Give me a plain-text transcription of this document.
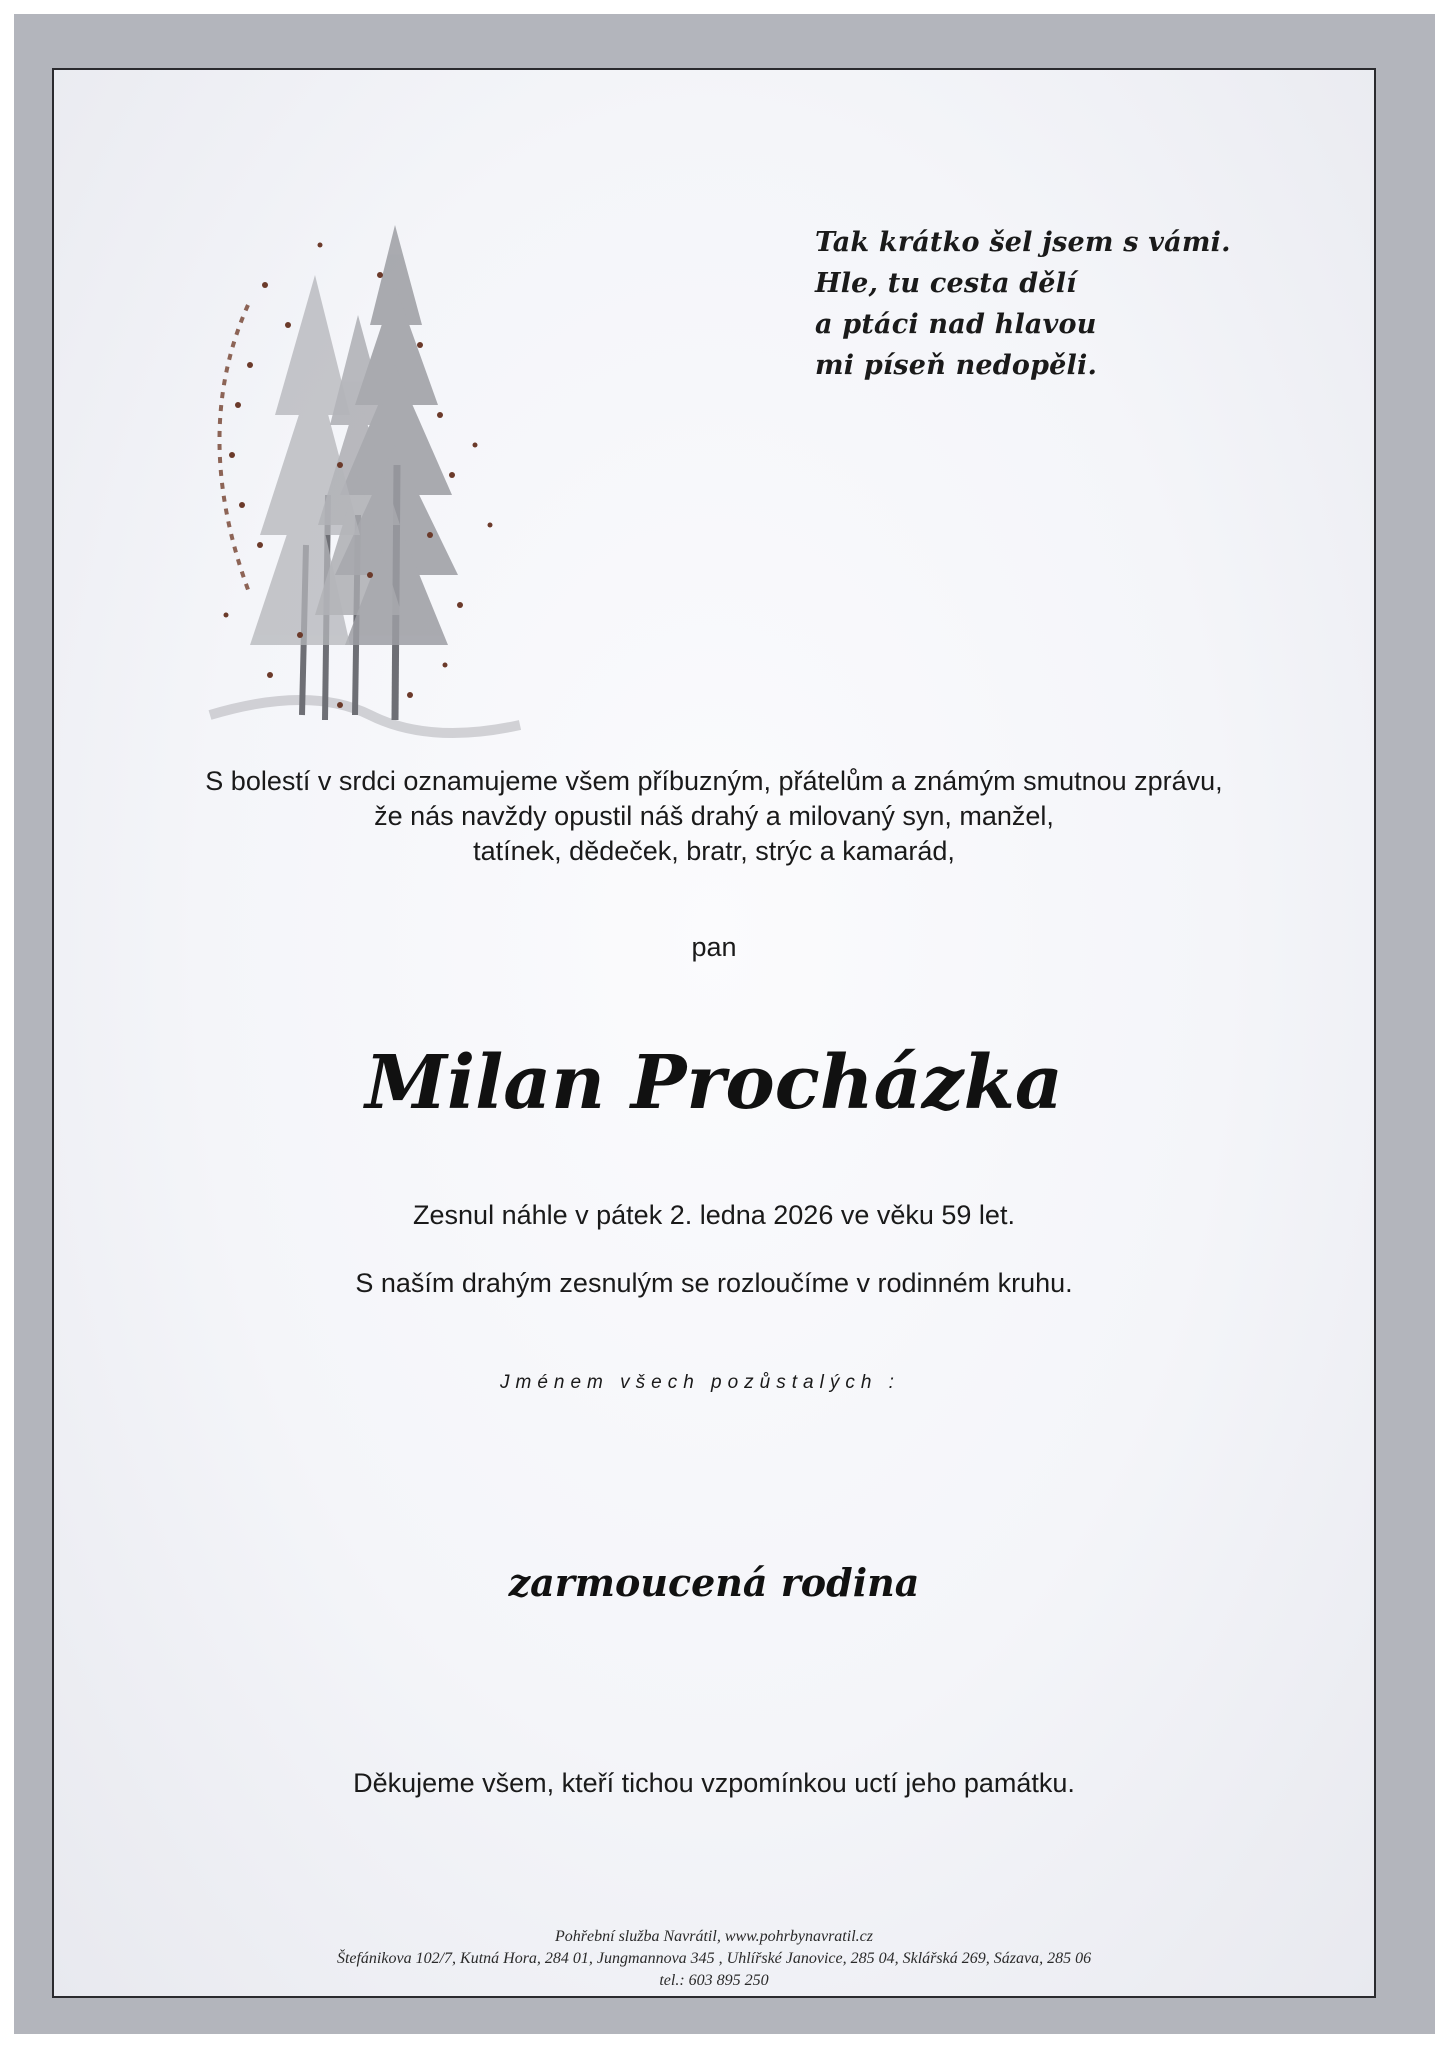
Tak krátko šel jsem s vámi.
Hle, tu cesta dělí
a ptáci nad hlavou
mi píseň nedopěli.
S bolestí v srdci oznamujeme všem příbuzným, přátelům a známým smutnou zprávu,
že nás navždy opustil náš drahý a milovaný syn, manžel,
tatínek, dědeček, bratr, strýc a kamarád,
pan
Milan Procházka
Zesnul náhle v pátek 2. ledna 2026 ve věku 59 let.
S naším drahým zesnulým se rozloučíme v rodinném kruhu.
Jménem všech pozůstalých :
zarmoucená rodina
Děkujeme všem, kteří tichou vzpomínkou uctí jeho památku.
Pohřební služba Navrátil, www.pohrbynavratil.cz
Štefánikova 102/7, Kutná Hora, 284 01, Jungmannova 345 , Uhlířské Janovice, 285 04, Sklářská 269, Sázava, 285 06
tel.: 603 895 250
